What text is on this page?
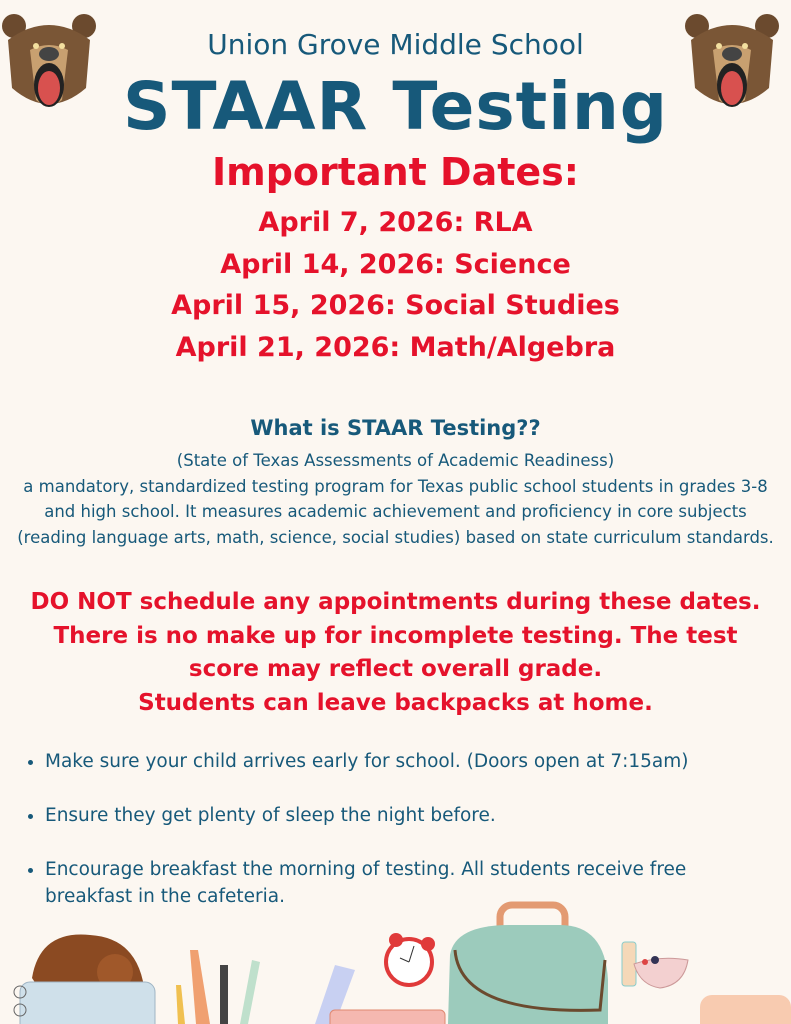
Union Grove Middle School
STAAR Testing
Important Dates:
April 7, 2026: RLA
April 14, 2026: Science
April 15, 2026: Social Studies
April 21, 2026: Math/Algebra
What is STAAR Testing??
(State of Texas Assessments of Academic Readiness)
a mandatory, standardized testing program for Texas public school students in grades 3-8 and high school. It measures academic achievement and proficiency in core subjects (reading language arts, math, science, social studies) based on state curriculum standards.
DO NOT schedule any appointments during these dates.
There is no make up for incomplete testing. The test score may reflect overall grade.
Students can leave backpacks at home.
• Make sure your child arrives early for school. (Doors open at 7:15am)
• Ensure they get plenty of sleep the night before.
• Encourage breakfast the morning of testing. All students receive free breakfast in the cafeteria.
